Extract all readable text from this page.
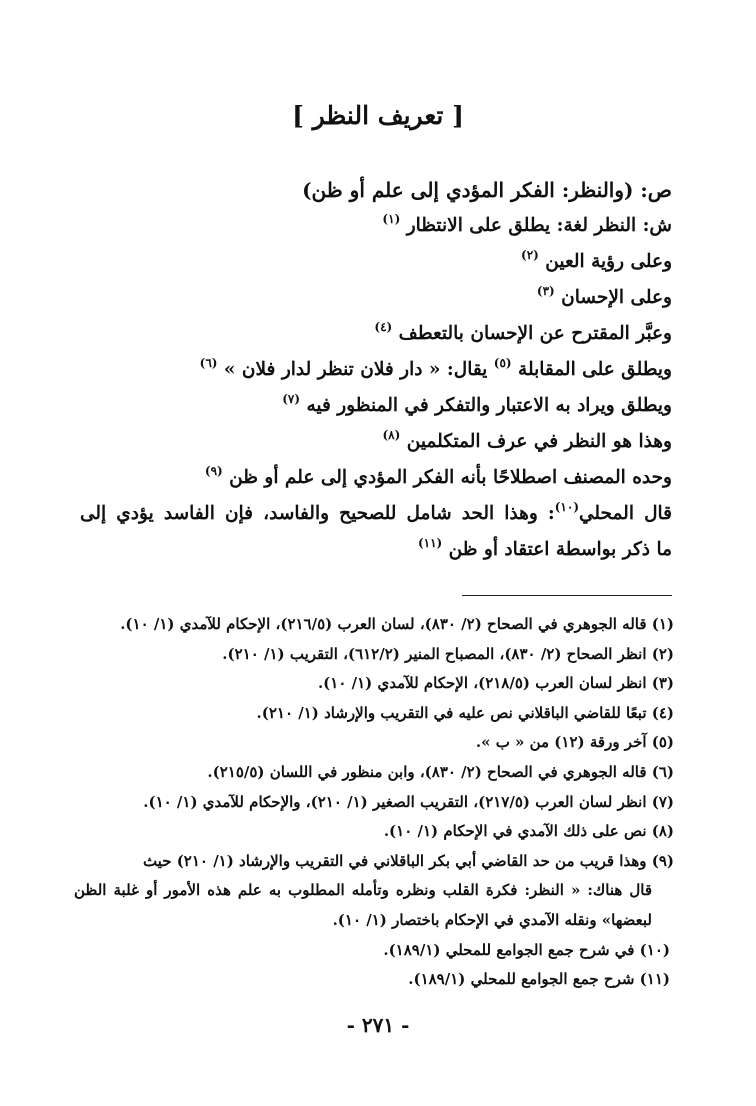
[ تعريف النظر ]
ص: (والنظر: الفكر المؤدي إلى علم أو ظن)
ش: النظر لغة: يطلق على الانتظار $^{(١)}$
وعلى رؤية العين $^{(٢)}$
وعلى الإحسان $^{(٣)}$
وعبَّر المقترح عن الإحسان بالتعطف $^{(٤)}$
ويطلق على المقابلة $^{(٥)}$ يقال: « دار فلان تنظر لدار فلان » $^{(٦)}$
ويطلق ويراد به الاعتبار والتفكر في المنظور فيه $^{(٧)}$
وهذا هو النظر في عرف المتكلمين $^{(٨)}$
وحده المصنف اصطلاحًا بأنه الفكر المؤدي إلى علم أو ظن $^{(٩)}$
قال المحلي$^{(١٠)}$: وهذا الحد شامل للصحيح والفاسد، فإن الفاسد يؤدي إلى
ما ذكر بواسطة اعتقاد أو ظن $^{(١١)}$
(١) قاله الجوهري في الصحاح (٢/ ٨٣٠)، لسان العرب (٢١٦/٥)، الإحكام للآمدي (١/ ١٠).
(٢) انظر الصحاح (٢/ ٨٣٠)، المصباح المنير (٦١٢/٢)، التقريب (١/ ٢١٠).
(٣) انظر لسان العرب (٢١٨/٥)، الإحكام للآمدي (١/ ١٠).
(٤) تبعًا للقاضي الباقلاني نص عليه في التقريب والإرشاد (١/ ٢١٠).
(٥) آخر ورقة (١٢) من « ب ».
(٦) قاله الجوهري في الصحاح (٢/ ٨٣٠)، وابن منظور في اللسان (٢١٥/٥).
(٧) انظر لسان العرب (٢١٧/٥)، التقريب الصغير (١/ ٢١٠)، والإحكام للآمدي (١/ ١٠).
(٨) نص على ذلك الآمدي في الإحكام (١/ ١٠).
(٩) وهذا قريب من حد القاضي أبي بكر الباقلاني في التقريب والإرشاد (١/ ٢١٠) حيث
قال هناك: « النظر: فكرة القلب ونظره وتأمله المطلوب به علم هذه الأمور أو غلبة الظن
لبعضها» ونقله الآمدي في الإحكام باختصار (١/ ١٠).
(١٠) في شرح جمع الجوامع للمحلي (١٨٩/١).
(١١) شرح جمع الجوامع للمحلي (١٨٩/١).
- ٢٧١ -
